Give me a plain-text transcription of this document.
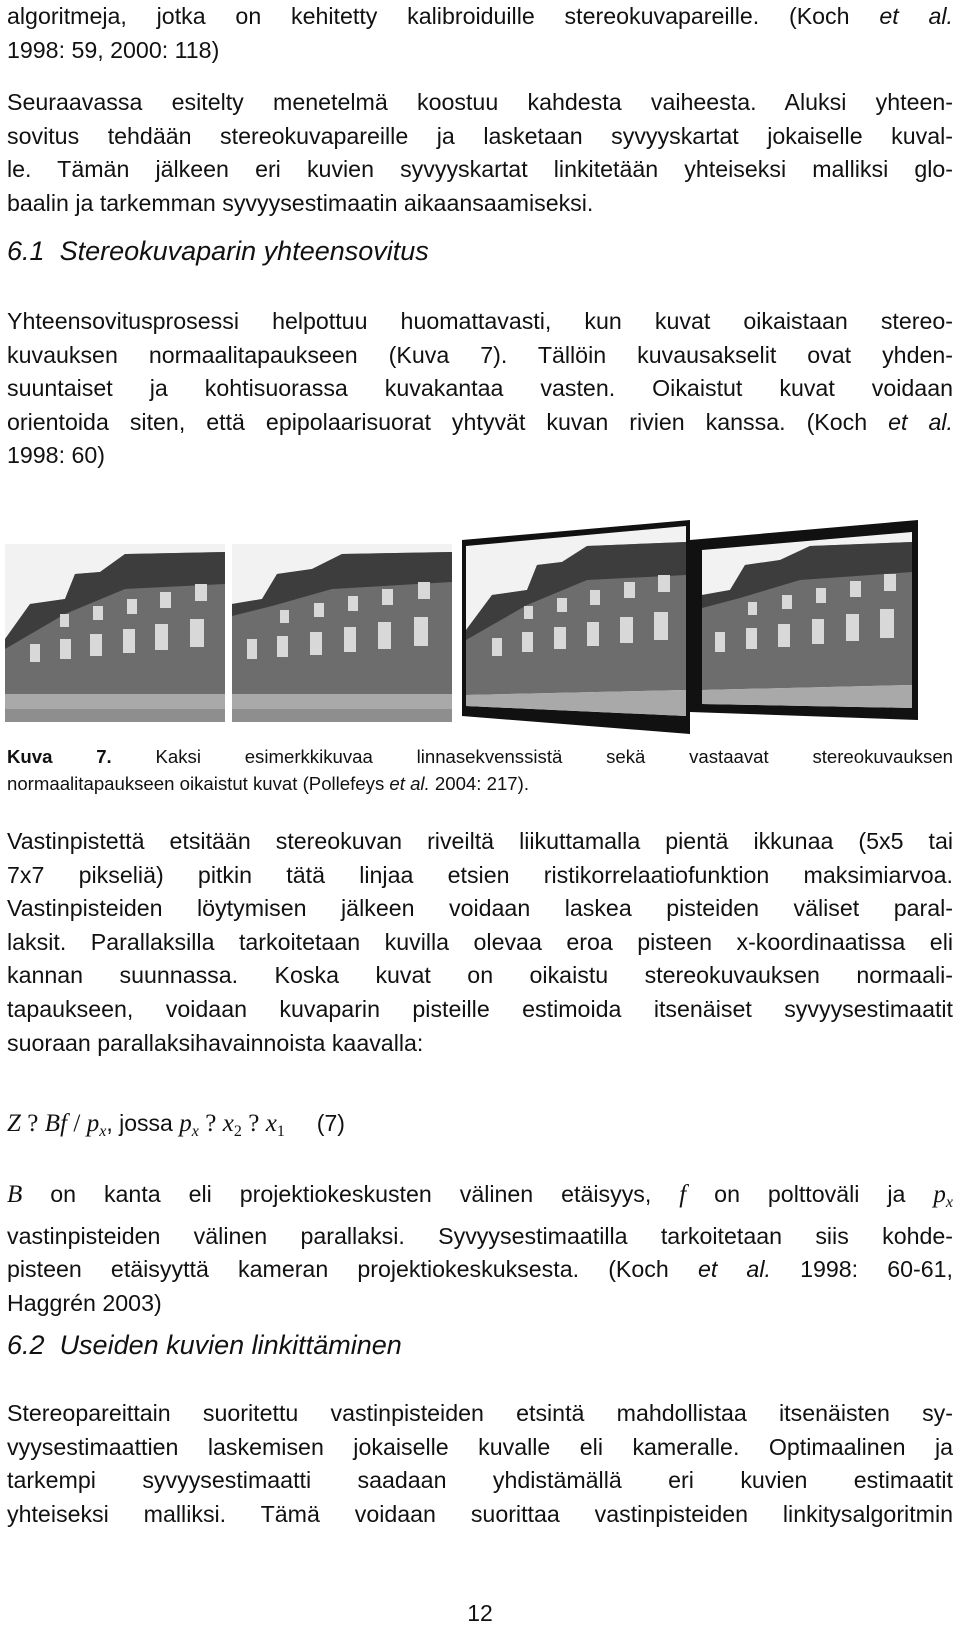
algoritmeja, jotka on kehitetty kalibroiduille stereokuvapareille. (Koch et al.
1998: 59, 2000: 118)

Seuraavassa esitelty menetelmä koostuu kahdesta vaiheesta. Aluksi yhteen-
sovitus tehdään stereokuvapareille ja lasketaan syvyyskartat jokaiselle kuval-
le. Tämän jälkeen eri kuvien syvyyskartat linkitetään yhteiseksi malliksi glo-
baalin ja tarkemman syvyysestimaatin aikaansaamiseksi.

6.1 Stereokuvaparin yhteensovitus

Yhteensovitusprosessi helpottuu huomattavasti, kun kuvat oikaistaan stereo-
kuvauksen normaalitapaukseen (Kuva 7). Tällöin kuvausakselit ovat yhden-
suuntaiset ja kohtisuorassa kuvakantaa vasten. Oikaistut kuvat voidaan
orientoida siten, että epipolaarisuorat yhtyvät kuvan rivien kanssa. (Koch et al.
1998: 60)

Kuva 7. Kaksi esimerkkikuvaa linnasekvenssistä sekä vastaavat stereokuvauksen
normaalitapaukseen oikaistut kuvat (Pollefeys et al. 2004: 217).

Vastinpistettä etsitään stereokuvan riveiltä liikuttamalla pientä ikkunaa (5x5 tai
7x7 pikseliä) pitkin tätä linjaa etsien ristikorrelaatiofunktion maksimiarvoa.
Vastinpisteiden löytymisen jälkeen voidaan laskea pisteiden väliset paral-
laksit. Parallaksilla tarkoitetaan kuvilla olevaa eroa pisteen x-koordinaatissa eli
kannan suunnassa. Koska kuvat on oikaistu stereokuvauksen normaali-
tapaukseen, voidaan kuvaparin pisteille estimoida itsenäiset syvyysestimaatit
suoraan parallaksihavainnoista kaavalla:

Z ? Bf / $p_x$, jossa $p_x$ ? $x_2$ ? $x_1$ (7)

B on kanta eli projektiokeskusten välinen etäisyys, f on polttoväli ja $p_x$
vastinpisteiden välinen parallaksi. Syvyysestimaatilla tarkoitetaan siis kohde-
pisteen etäisyyttä kameran projektiokeskuksesta. (Koch et al. 1998: 60-61,
Haggrén 2003)

6.2 Useiden kuvien linkittäminen

Stereopareittain suoritettu vastinpisteiden etsintä mahdollistaa itsenäisten sy-
vyysestimaattien laskemisen jokaiselle kuvalle eli kameralle. Optimaalinen ja
tarkempi syvyysestimaatti saadaan yhdistämällä eri kuvien estimaatit
yhteiseksi malliksi. Tämä voidaan suorittaa vastinpisteiden linkitysalgoritmin

12
